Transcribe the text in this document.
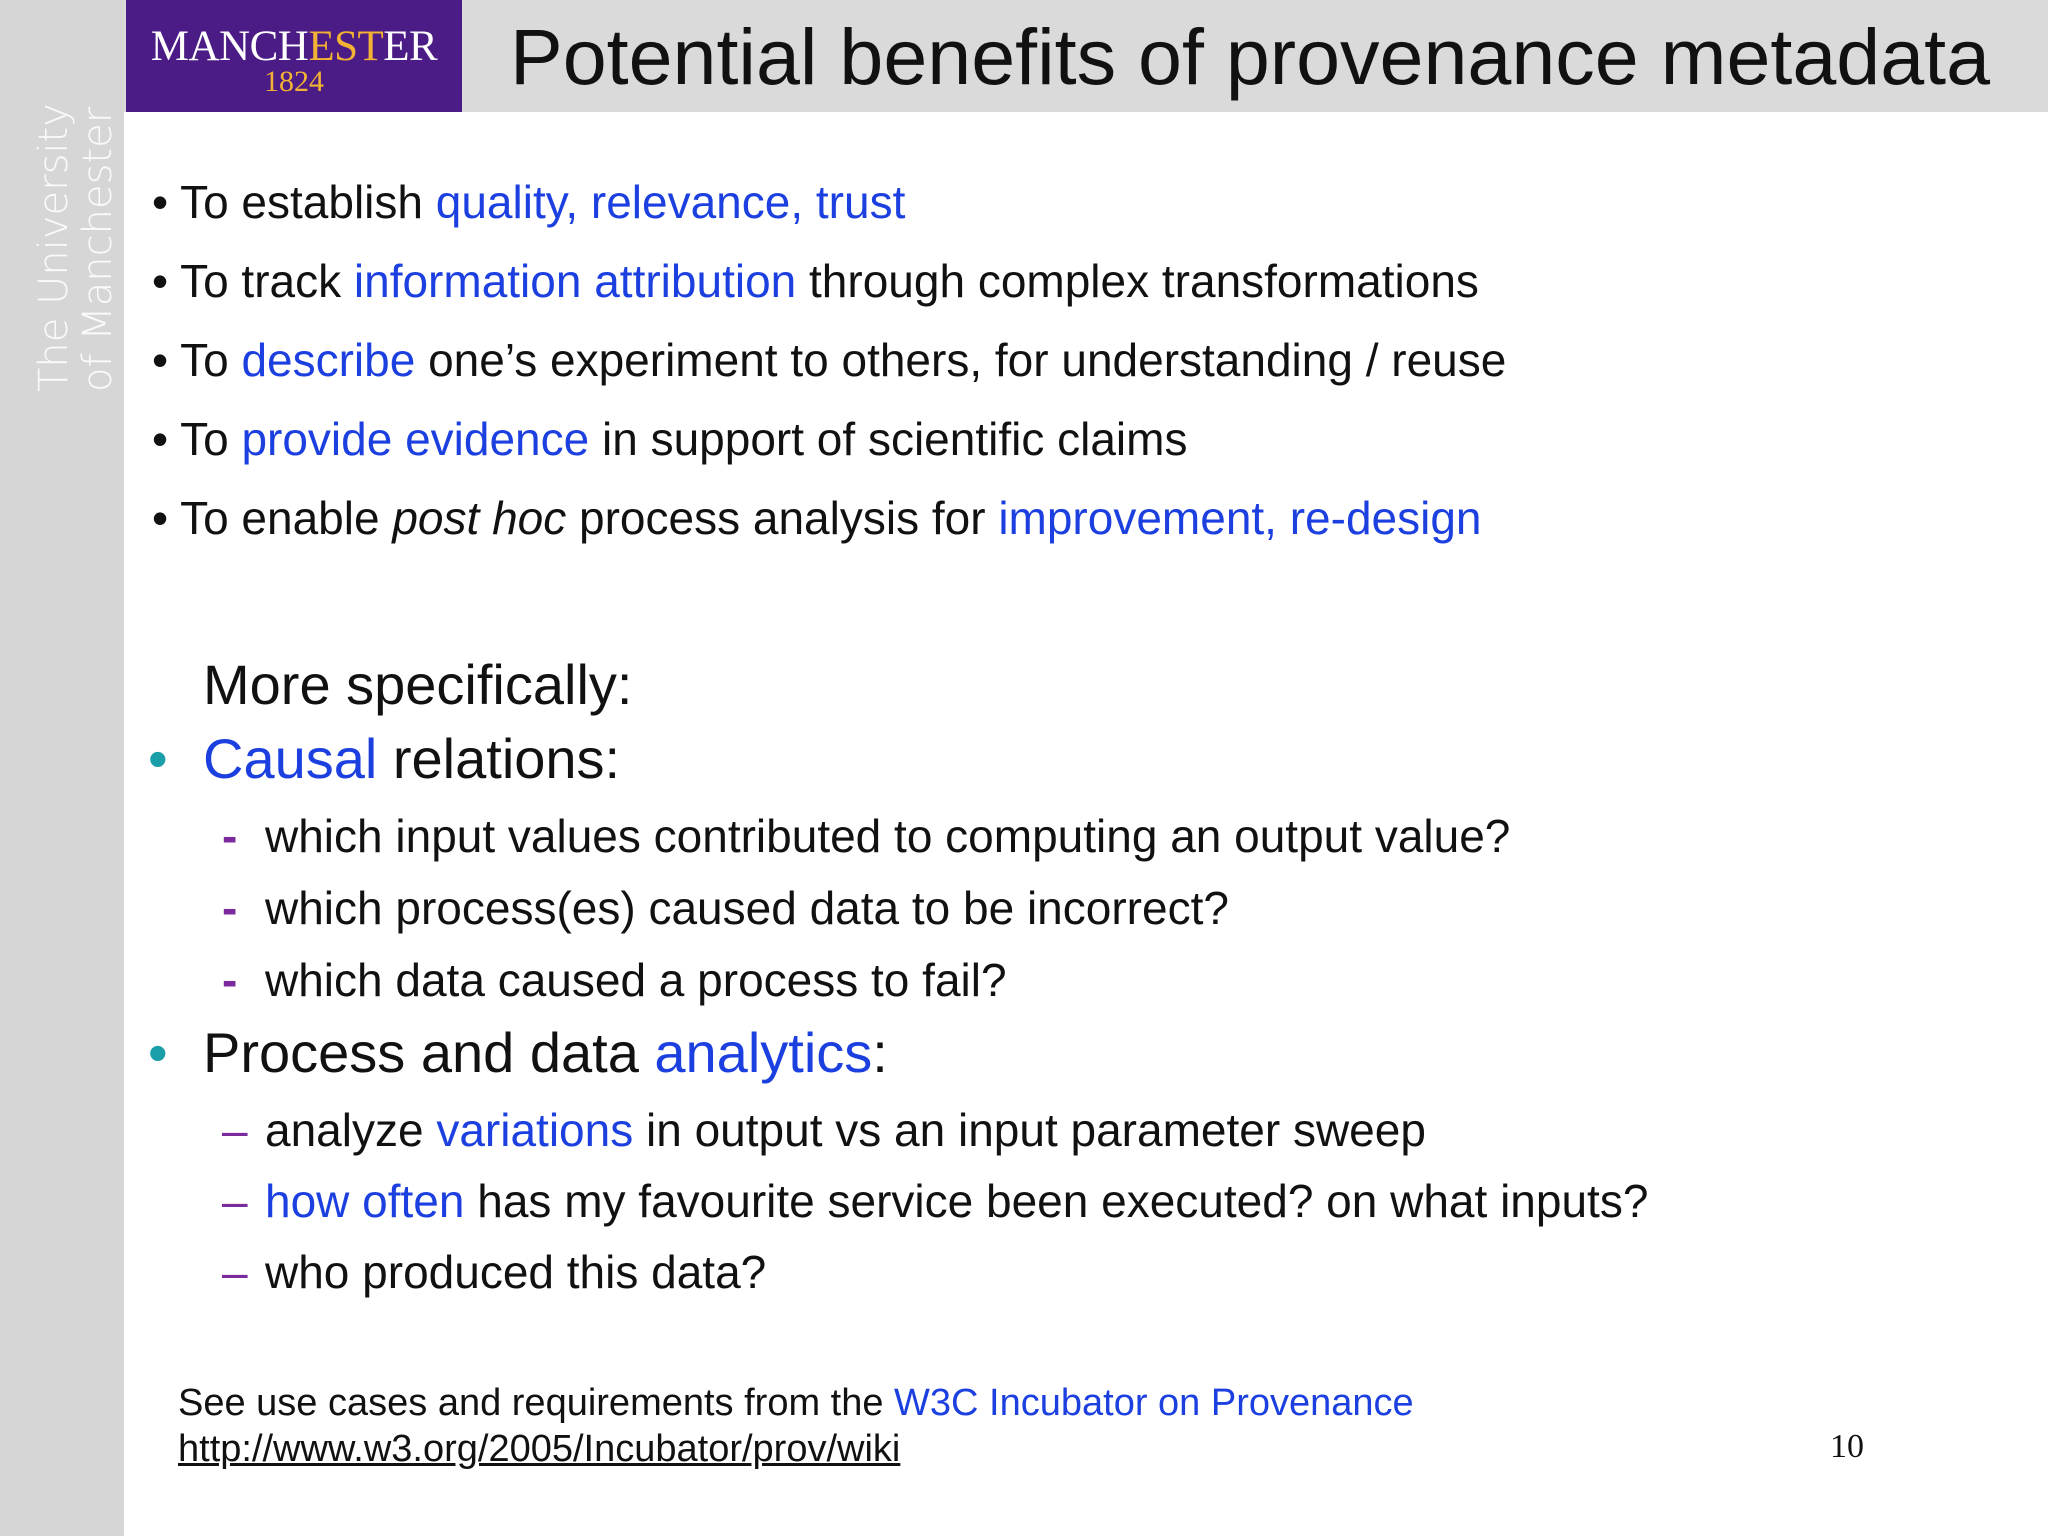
The University
of Manchester
MANCHESTER
1824	Potential benefits of provenance metadata
• To establish quality, relevance, trust
• To track information attribution through complex transformations
• To describe one’s experiment to others, for understanding / reuse
• To provide evidence in support of scientific claims
• To enable post hoc process analysis for improvement, re-design
More specifically:
• Causal relations:
- which input values contributed to computing an output value?
- which process(es) caused data to be incorrect?
- which data caused a process to fail?
• Process and data analytics:
– analyze variations in output vs an input parameter sweep
– how often has my favourite service been executed? on what inputs?
– who produced this data?
See use cases and requirements from the W3C Incubator on Provenance
http://www.w3.org/2005/Incubator/prov/wiki	10
